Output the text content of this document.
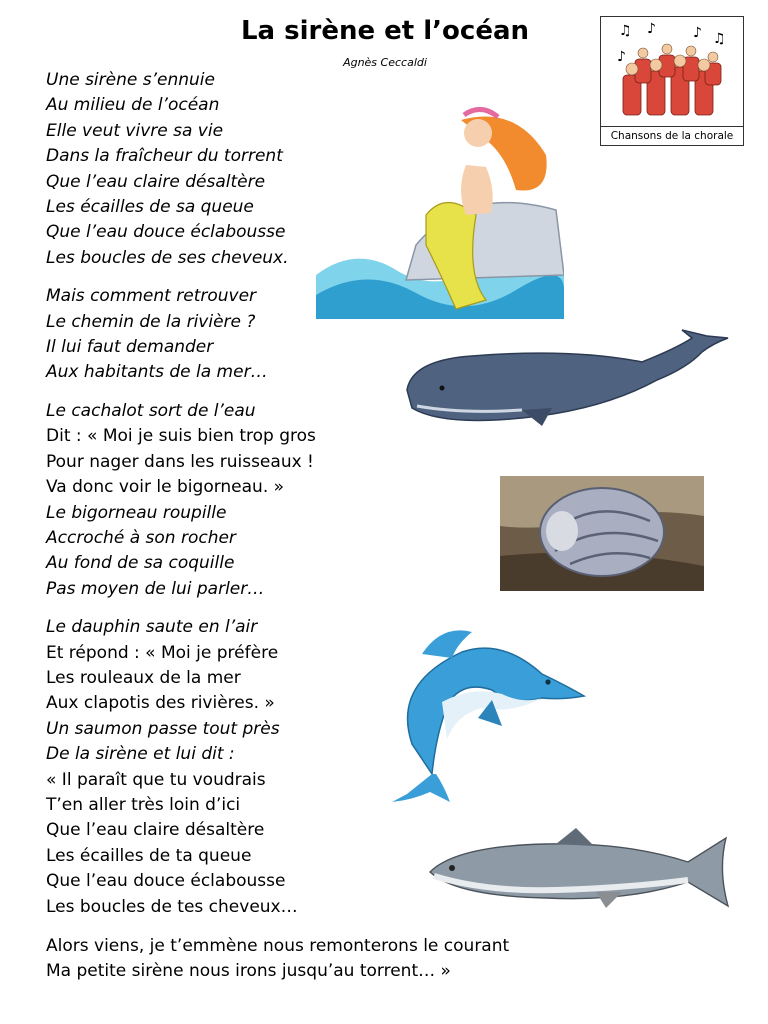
La sirène et l’océan
Agnès Ceccaldi
♫ ♪	♪ ♫
♪
Chansons de la chorale
Une sirène s’ennuie
Au milieu de l’océan
Elle veut vivre sa vie
Dans la fraîcheur du torrent
Que l’eau claire désaltère
Les écailles de sa queue
Que l’eau douce éclabousse
Les boucles de ses cheveux.
Mais comment retrouver
Le chemin de la rivière ?
Il lui faut demander
Aux habitants de la mer…
Le cachalot sort de l’eau
Dit : « Moi je suis bien trop gros
Pour nager dans les ruisseaux !
Va donc voir le bigorneau. »
Le bigorneau roupille
Accroché à son rocher
Au fond de sa coquille
Pas moyen de lui parler…
Le dauphin saute en l’air
Et répond : « Moi je préfère
Les rouleaux de la mer
Aux clapotis des rivières. »
Un saumon passe tout près
De la sirène et lui dit :
« Il paraît que tu voudrais
T’en aller très loin d’ici
Que l’eau claire désaltère
Les écailles de ta queue
Que l’eau douce éclabousse
Les boucles de tes cheveux…
Alors viens, je t’emmène nous remonterons le courant
Ma petite sirène nous irons jusqu’au torrent… »
